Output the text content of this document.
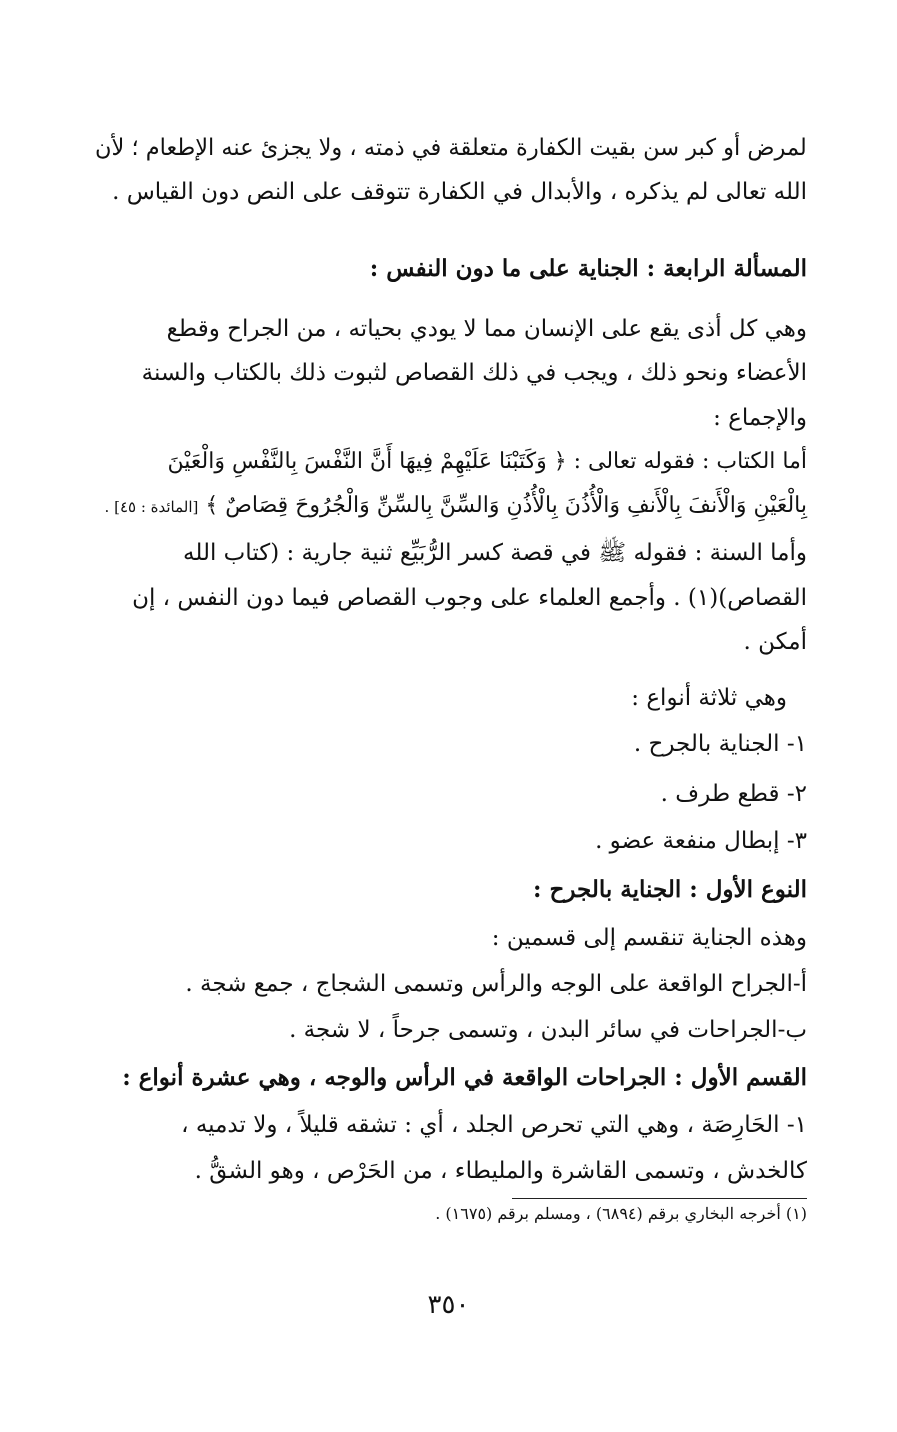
لمرض أو كبر سن بقيت الكفارة متعلقة في ذمته ، ولا يجزئ عنه الإطعام ؛ لأن
الله تعالى لم يذكره ، والأبدال في الكفارة تتوقف على النص دون القياس .
المسألة الرابعة : الجناية على ما دون النفس :
وهي كل أذى يقع على الإنسان مما لا يودي بحياته ، من الجراح وقطع
الأعضاء ونحو ذلك ، ويجب في ذلك القصاص لثبوت ذلك بالكتاب والسنة
والإجماع :
أما الكتاب : فقوله تعالى : ﴿ وَكَتَبْنَا عَلَيْهِمْ فِيهَا أَنَّ النَّفْسَ بِالنَّفْسِ وَالْعَيْنَ
بِالْعَيْنِ وَالْأَنفَ بِالْأَنفِ وَالْأُذُنَ بِالْأُذُنِ وَالسِّنَّ بِالسِّنِّ وَالْجُرُوحَ قِصَاصٌ ﴾ [المائدة : ٤٥] .
وأما السنة : فقوله ﷺ في قصة كسر الرُّبَيِّع ثنية جارية : (كتاب الله
القصاص)(١) . وأجمع العلماء على وجوب القصاص فيما دون النفس ، إن
أمكن .
وهي ثلاثة أنواع :
١- الجناية بالجرح .
٢- قطع طرف .
٣- إبطال منفعة عضو .
النوع الأول : الجناية بالجرح :
وهذه الجناية تنقسم إلى قسمين :
أ-الجراح الواقعة على الوجه والرأس وتسمى الشجاج ، جمع شجة .
ب-الجراحات في سائر البدن ، وتسمى جرحاً ، لا شجة .
القسم الأول : الجراحات الواقعة في الرأس والوجه ، وهي عشرة أنواع :
١- الحَارِصَة ، وهي التي تحرص الجلد ، أي : تشقه قليلاً ، ولا تدميه ،
كالخدش ، وتسمى القاشرة والمليطاء ، من الحَرْص ، وهو الشقُّ .
(١) أخرجه البخاري برقم (٦٨٩٤) ، ومسلم برقم (١٦٧٥) .
٣٥٠
